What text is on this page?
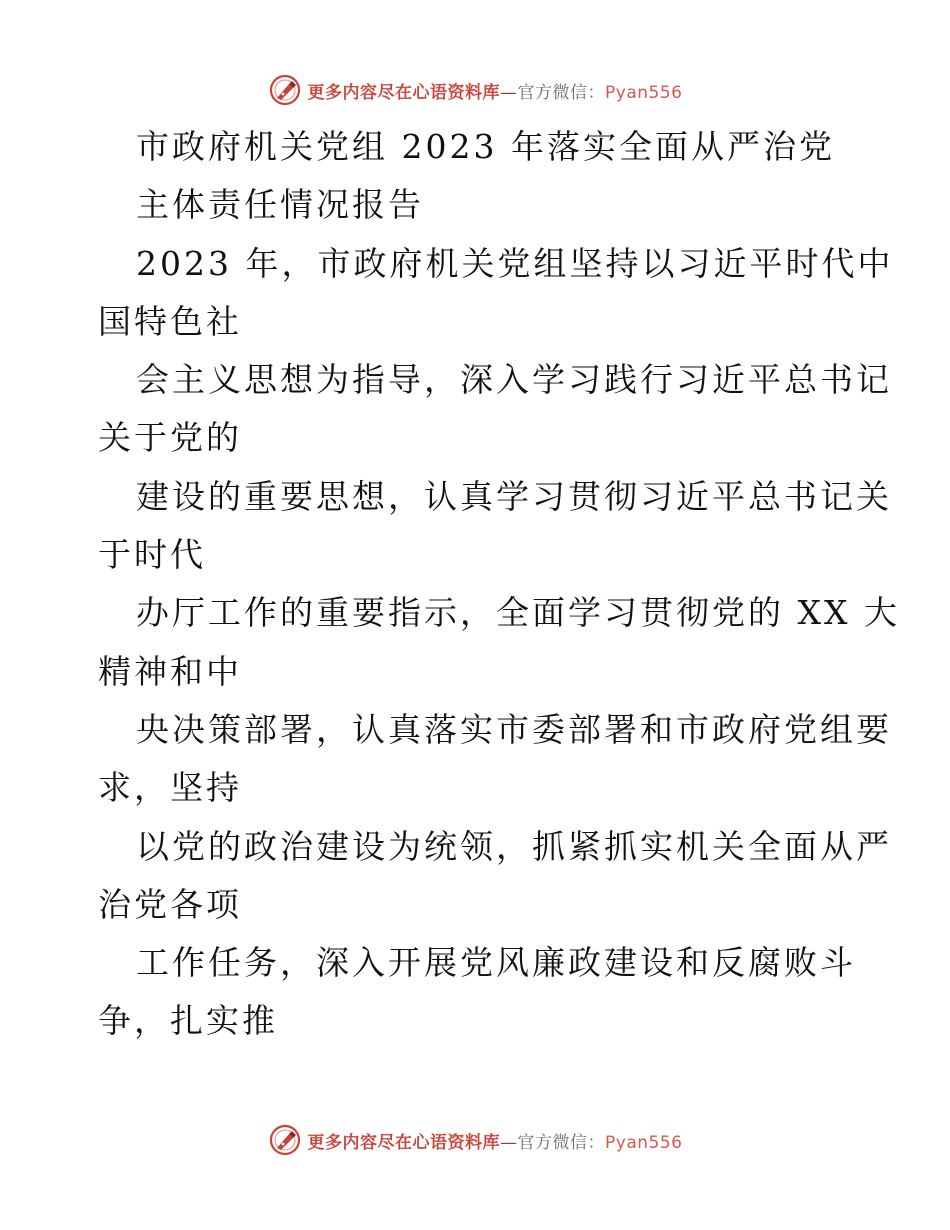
更多内容尽在心语资料库—官方微信：Pyan556
市政府机关党组 2023 年落实全面从严治党
主体责任情况报告
2023 年，市政府机关党组坚持以习近平时代中
国特色社
会主义思想为指导，深入学习践行习近平总书记
关于党的
建设的重要思想，认真学习贯彻习近平总书记关
于时代
办厅工作的重要指示，全面学习贯彻党的 XX 大
精神和中
央决策部署，认真落实市委部署和市政府党组要
求，坚持
以党的政治建设为统领，抓紧抓实机关全面从严
治党各项
工作任务，深入开展党风廉政建设和反腐败斗
争，扎实推
更多内容尽在心语资料库—官方微信：Pyan556
